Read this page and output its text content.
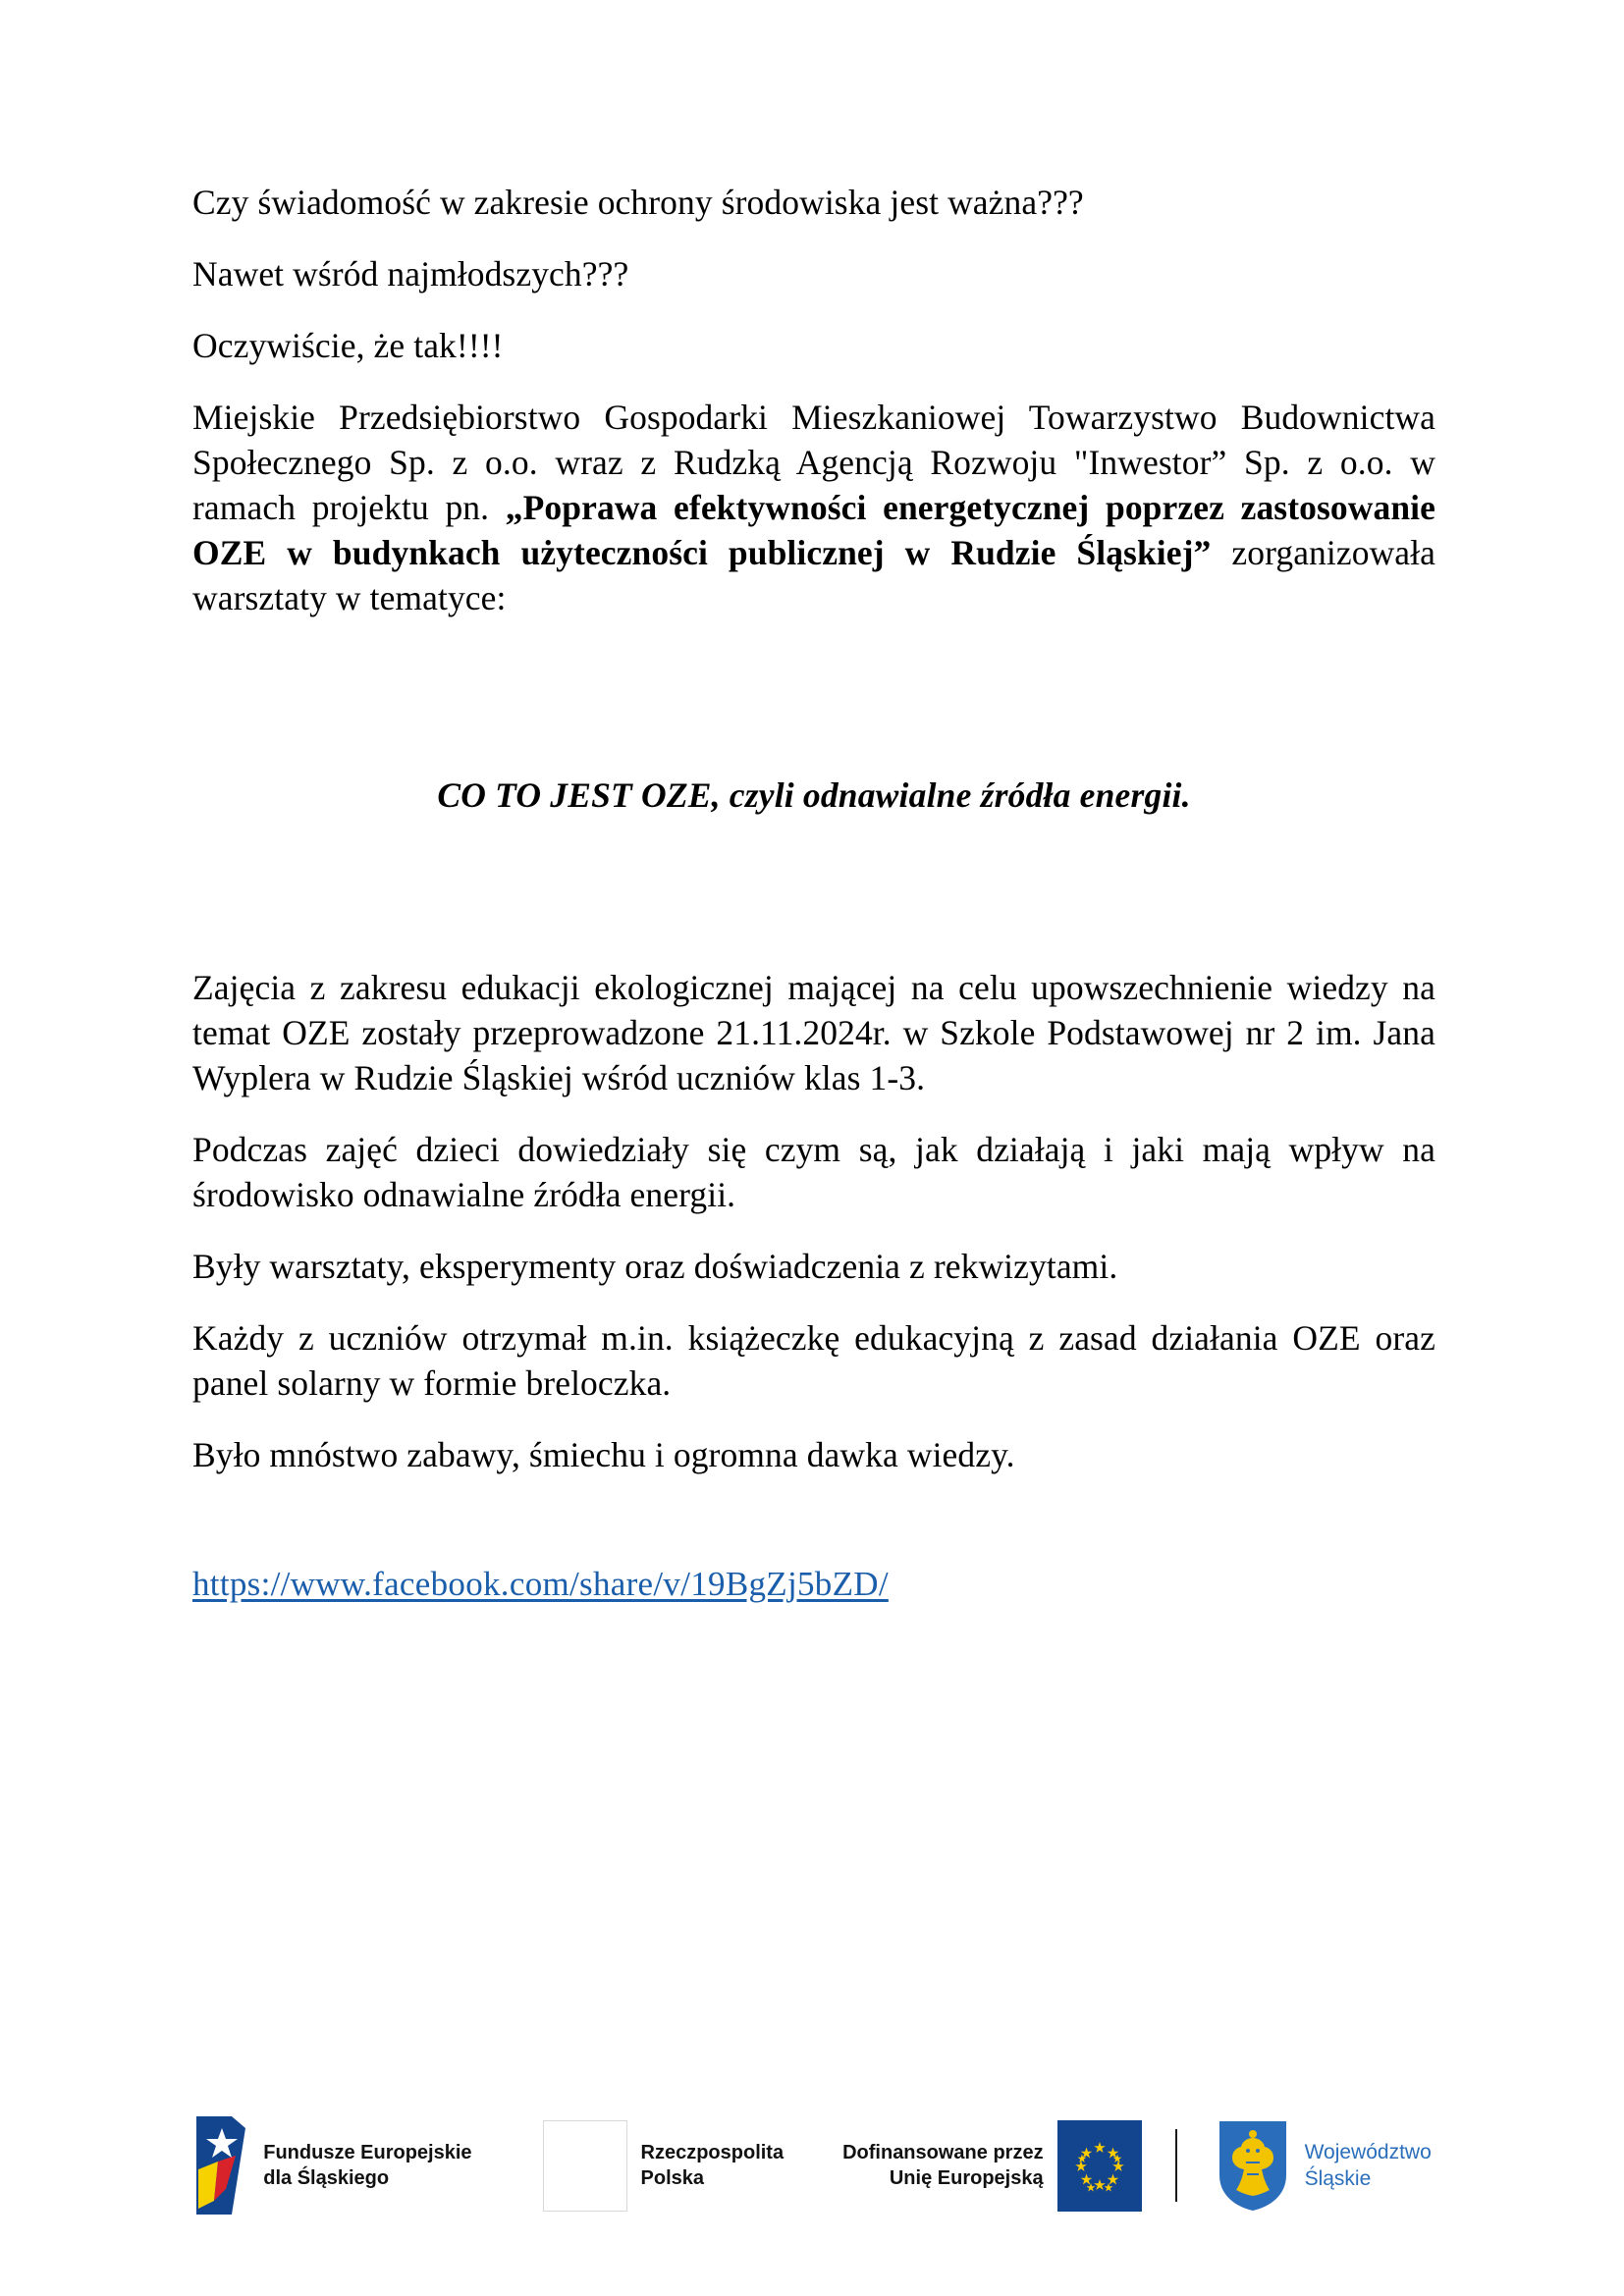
Czy świadomość w zakresie ochrony środowiska jest ważna???

Nawet wśród najmłodszych???

Oczywiście, że tak!!!!

Miejskie Przedsiębiorstwo Gospodarki Mieszkaniowej Towarzystwo Budownictwa Społecznego Sp. z o.o. wraz z Rudzką Agencją Rozwoju "Inwestor” Sp. z o.o. w ramach projektu pn. „Poprawa efektywności energetycznej poprzez zastosowanie OZE w budynkach użyteczności publicznej w Rudzie Śląskiej” zorganizowała warsztaty w tematyce:

CO TO JEST OZE, czyli odnawialne źródła energii.

Zajęcia z zakresu edukacji ekologicznej mającej na celu upowszechnienie wiedzy na temat OZE zostały przeprowadzone 21.11.2024r. w Szkole Podstawowej nr 2 im. Jana Wyplera w Rudzie Śląskiej wśród uczniów klas 1-3.

Podczas zajęć dzieci dowiedziały się czym są, jak działają i jaki mają wpływ na środowisko odnawialne źródła energii.

Były warsztaty, eksperymenty oraz doświadczenia z rekwizytami.

Każdy z uczniów otrzymał m.in. książeczkę edukacyjną z zasad działania OZE oraz panel solarny w formie breloczka.

Było mnóstwo zabawy, śmiechu i ogromna dawka wiedzy.

https://www.facebook.com/share/v/19BgZj5bZD/
Fundusze Europejskie
dla Śląskiego
Rzeczpospolita
Polska
Dofinansowane przez
Unię Europejską
Województwo
Śląskie
